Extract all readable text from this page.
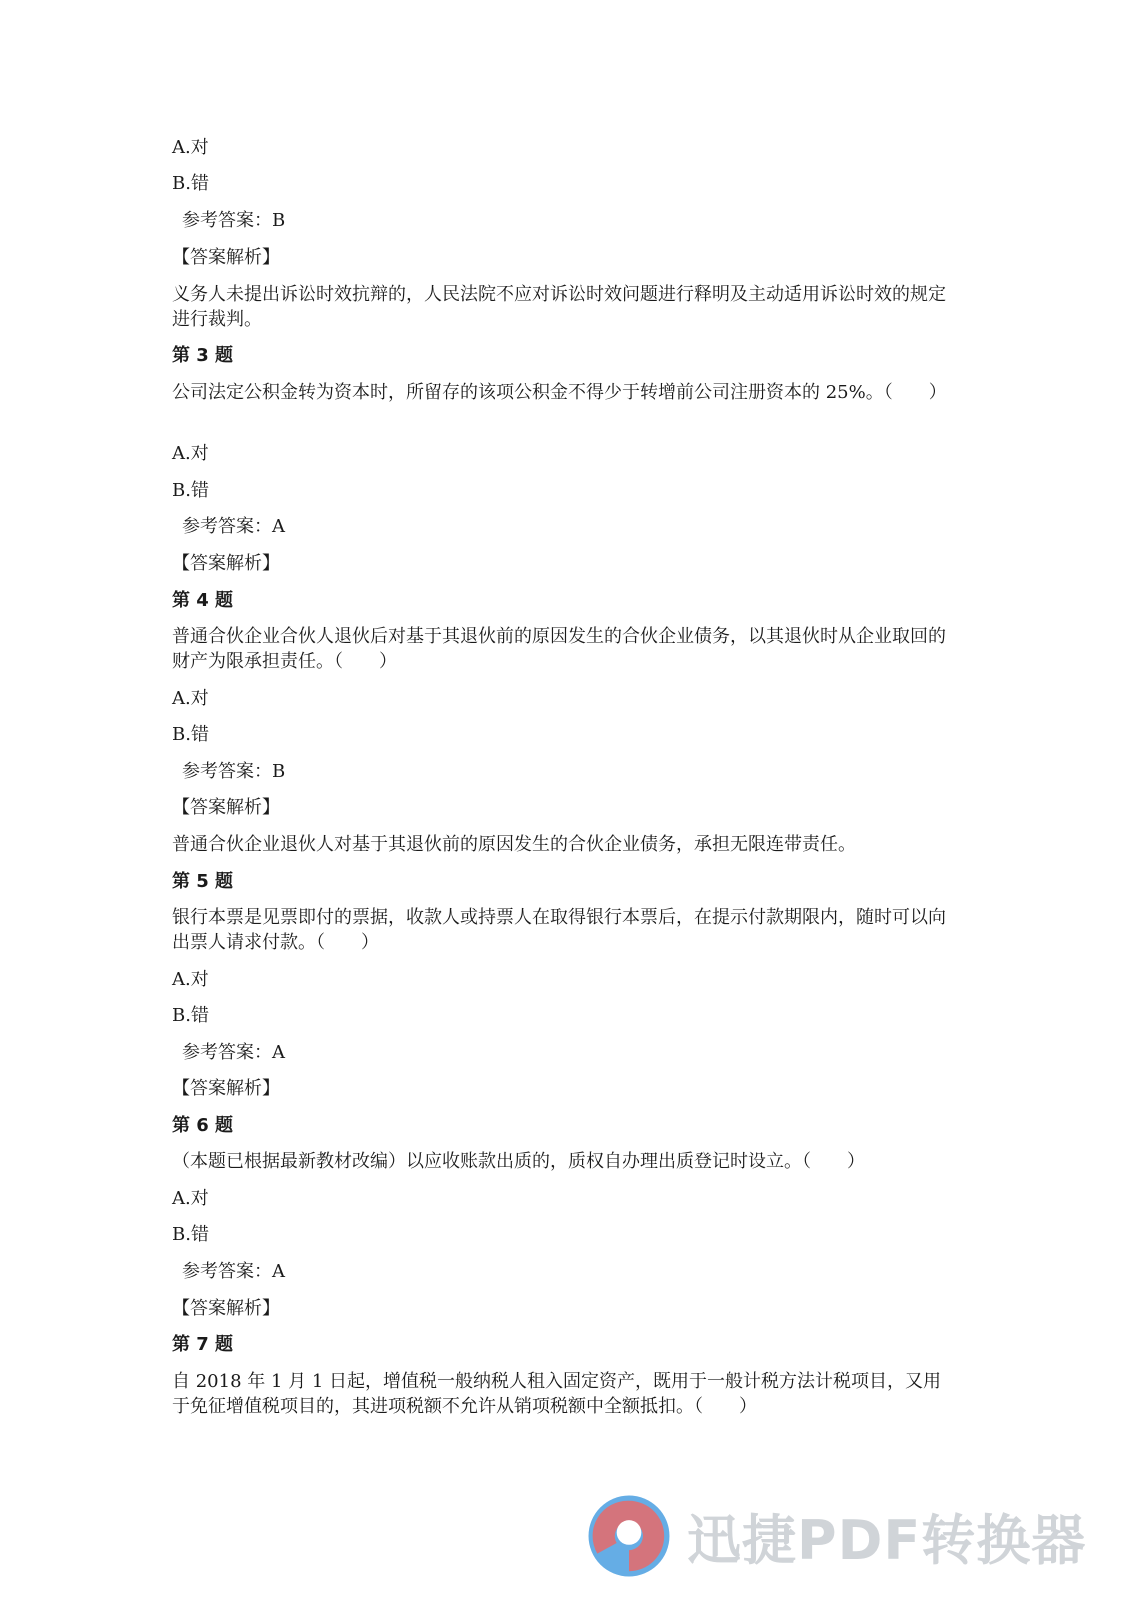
A.对
B.错
参考答案：B
【答案解析】
义务人未提出诉讼时效抗辩的，人民法院不应对诉讼时效问题进行释明及主动适用诉讼时效的规定进行裁判。
第 3 题
公司法定公积金转为资本时，所留存的该项公积金不得少于转增前公司注册资本的 25%。（　　）
A.对
B.错
参考答案：A
【答案解析】
第 4 题
普通合伙企业合伙人退伙后对基于其退伙前的原因发生的合伙企业债务，以其退伙时从企业取回的财产为限承担责任。（　　）
A.对
B.错
参考答案：B
【答案解析】
普通合伙企业退伙人对基于其退伙前的原因发生的合伙企业债务，承担无限连带责任。
第 5 题
银行本票是见票即付的票据，收款人或持票人在取得银行本票后，在提示付款期限内，随时可以向出票人请求付款。（　　）
A.对
B.错
参考答案：A
【答案解析】
第 6 题
（本题已根据最新教材改编）以应收账款出质的，质权自办理出质登记时设立。（　　）
A.对
B.错
参考答案：A
【答案解析】
第 7 题
自 2018 年 1 月 1 日起，增值税一般纳税人租入固定资产，既用于一般计税方法计税项目，又用于免征增值税项目的，其进项税额不允许从销项税额中全额抵扣。（　　）
迅捷PDF转换器
